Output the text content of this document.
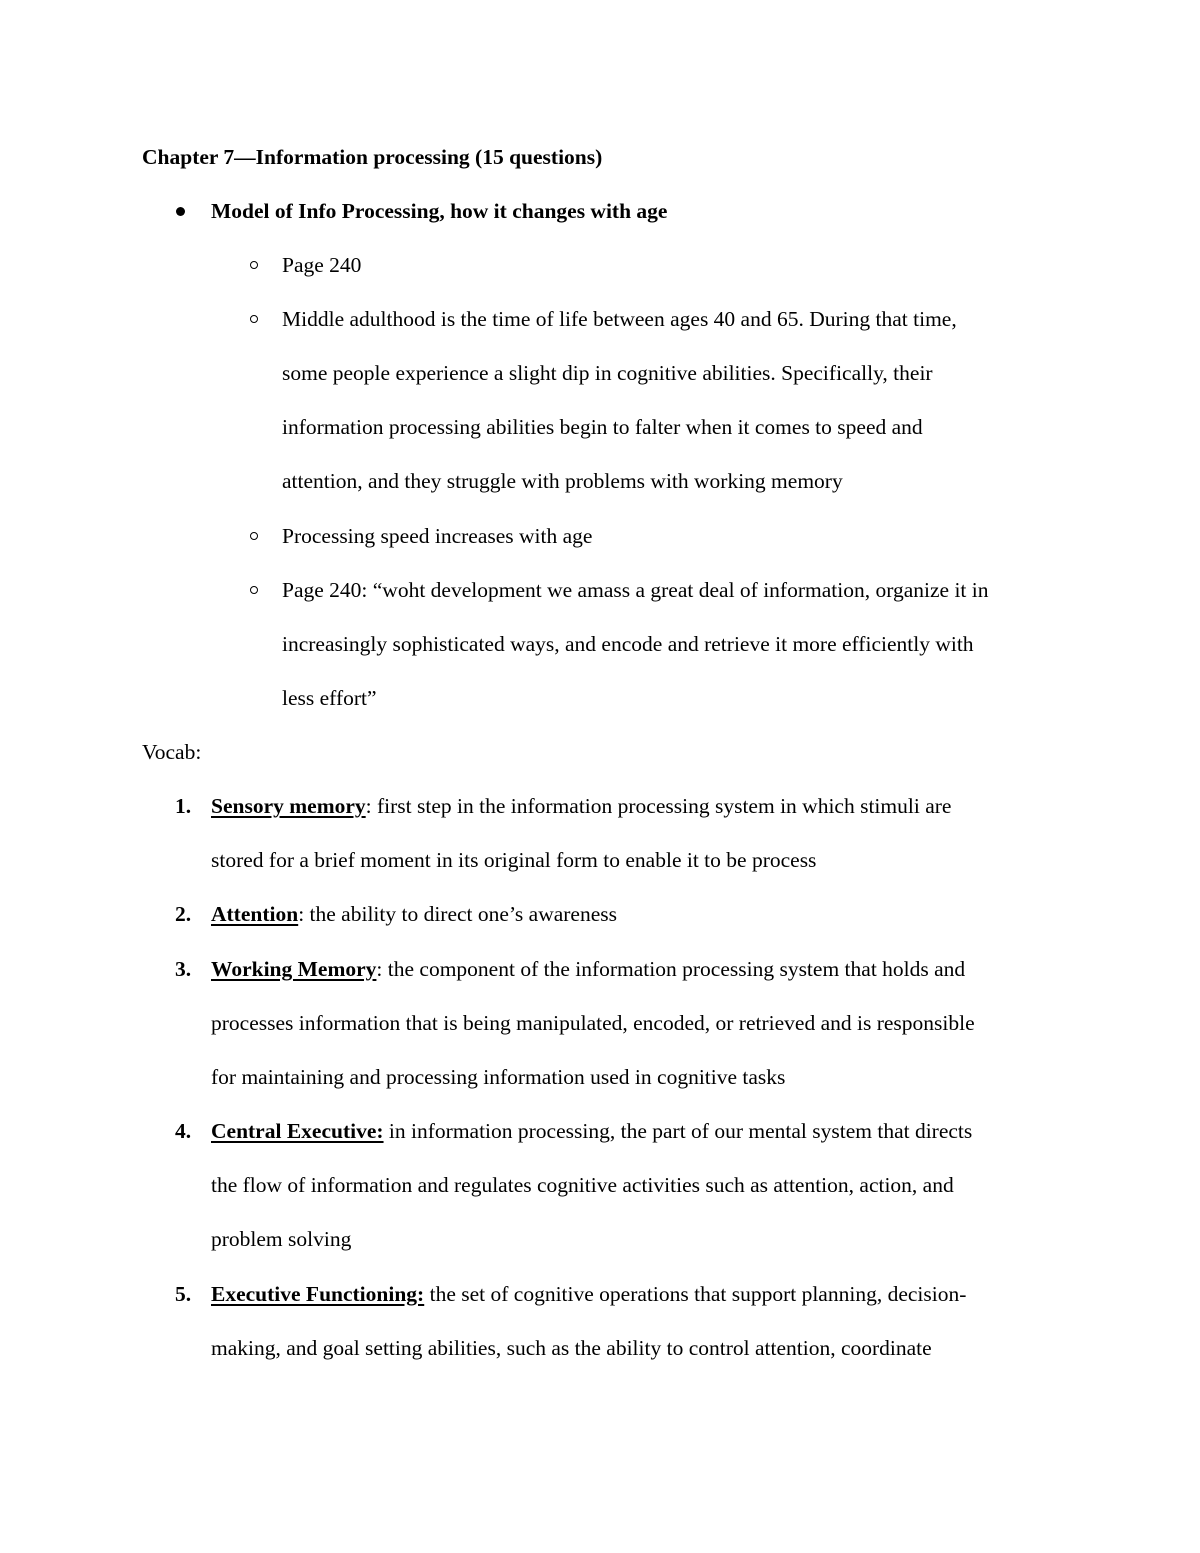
Chapter 7—Information processing (15 questions)
Model of Info Processing, how it changes with age
Page 240
Middle adulthood is the time of life between ages 40 and 65. During that time,
some people experience a slight dip in cognitive abilities. Specifically, their
information processing abilities begin to falter when it comes to speed and
attention, and they struggle with problems with working memory
Processing speed increases with age
Page 240: “woht development we amass a great deal of information, organize it in
increasingly sophisticated ways, and encode and retrieve it more efficiently with
less effort”
Vocab:
1. Sensory memory: first step in the information processing system in which stimuli are
stored for a brief moment in its original form to enable it to be process
2. Attention: the ability to direct one’s awareness
3. Working Memory: the component of the information processing system that holds and
processes information that is being manipulated, encoded, or retrieved and is responsible
for maintaining and processing information used in cognitive tasks
4. Central Executive: in information processing, the part of our mental system that directs
the flow of information and regulates cognitive activities such as attention, action, and
problem solving
5. Executive Functioning: the set of cognitive operations that support planning, decision-
making, and goal setting abilities, such as the ability to control attention, coordinate
